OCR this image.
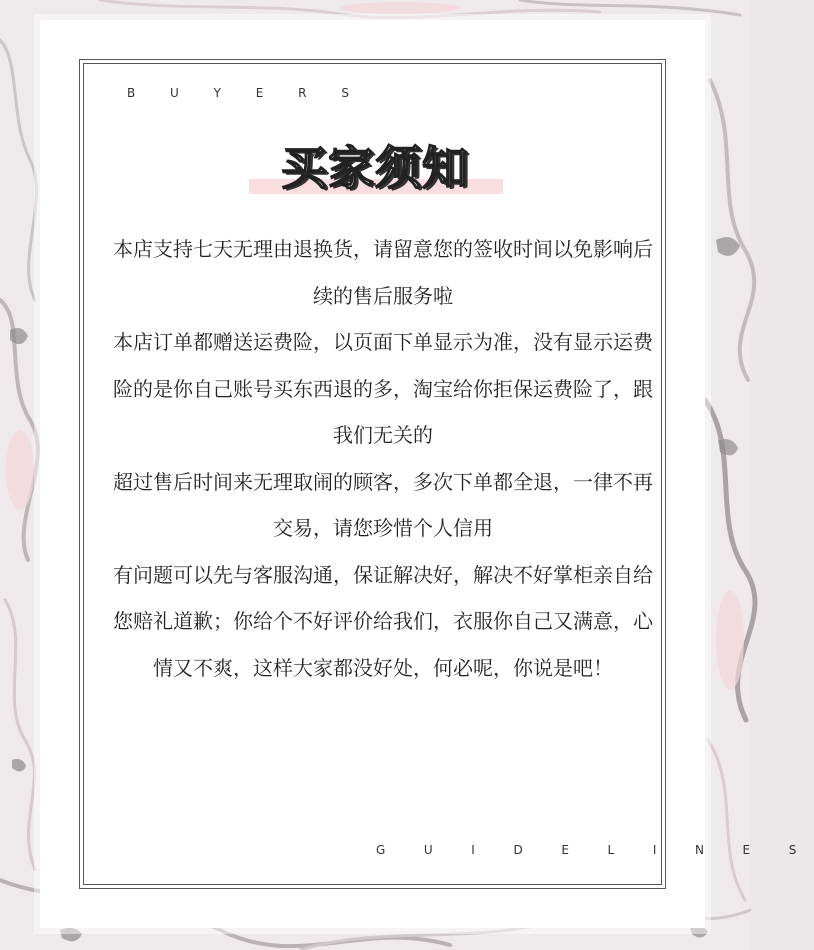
B U Y E R S
买家须知

本店支持七天无理由退换货，请留意您的签收时间以免影响后续的售后服务啦

本店订单都赠送运费险，以页面下单显示为准，没有显示运费险的是你自己账号买东西退的多，淘宝给你拒保运费险了，跟我们无关的

超过售后时间来无理取闹的顾客，多次下单都全退，一律不再交易，请您珍惜个人信用

有问题可以先与客服沟通，保证解决好，解决不好掌柜亲自给您赔礼道歉；你给个不好评价给我们，衣服你自己又满意，心情又不爽，这样大家都没好处，何必呢，你说是吧！

G U I D E L I N E S
